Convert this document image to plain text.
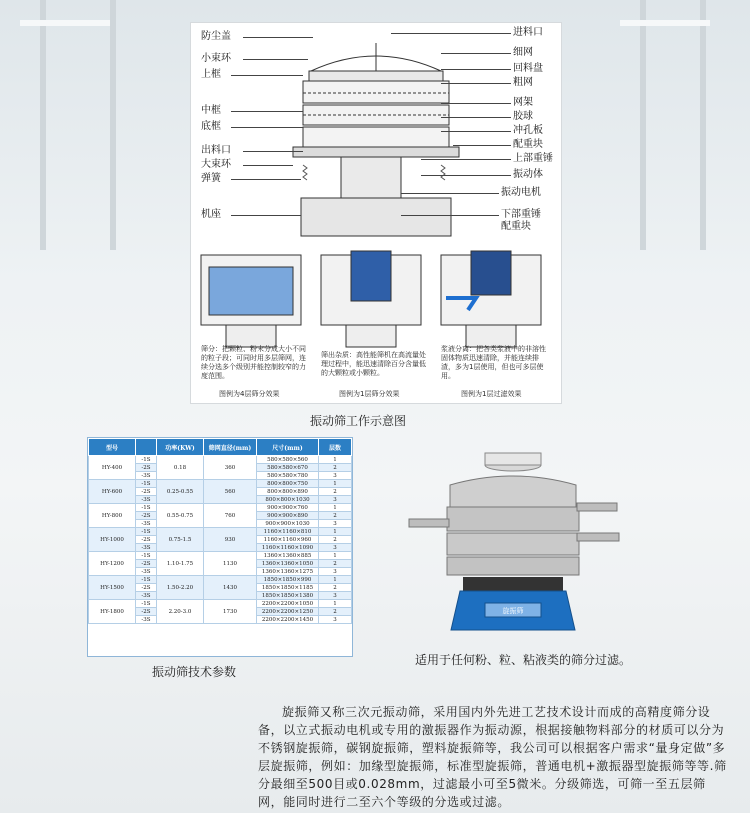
防尘盖
小束环
上框
中框
底框
出料口
大束环
弹簧
机座
进料口
细网
回料盘
粗网
网架
胶球
冲孔板
配重块
上部重锤
振动体
振动电机
下部重锤
配重块
筛分：把颗粒、粉末分成大小不同的粒子段；可同时用多层筛网，连续分选多个级别并能控制较窄的力度范围。
筛出杂质：高性能筛机在高流量处理过程中，能迅速清除百分含量低的大颗粒或小颗粒。
浆液分离：把各类浆液中的非溶性固体物质迅速清除，并能连续排渣，多为1层使用，但也可多层使用。
图例为4层筛分效果	图例为1层筛分效果	图例为1层过滤效果
振动筛工作示意图
型号		功率(KW)	筛网直径(mm)	尺寸(mm)	层数
HY-400	-1S	0.18	360	580×580×560	1
	-2S			580×580×670	2
	-3S			580×580×780	3
HY-600	-1S	0.25-0.55	560	800×800×750	1
	-2S			800×800×890	2
	-3S			800×800×1030	3
HY-800	-1S	0.55-0.75	760	900×900×760	1
	-2S			900×900×890	2
	-3S			900×900×1030	3
HY-1000	-1S	0.75-1.5	930	1160×1160×810	1
	-2S			1160×1160×960	2
	-3S			1160×1160×1090	3
HY-1200	-1S	1.10-1.75	1130	1360×1360×885	1
	-2S			1360×1360×1050	2
	-3S			1360×1360×1275	3
HY-1500	-1S	1.50-2.20	1430	1850×1850×990	1
	-2S			1850×1850×1185	2
	-3S			1850×1850×1380	3
HY-1800	-1S	2.20-3.0	1730	2200×2200×1050	1
	-2S			2200×2200×1250	2
	-3S			2200×2200×1450	3
振动筛技术参数
旋振筛
适用于任何粉、粒、粘液类的筛分过滤。
旋振筛又称三次元振动筛，采用国内外先进工艺技术设计而成的高精度筛分设备，以立式振动电机或专用的激振器作为振动源，根据接触物料部分的材质可以分为不锈钢旋振筛，碳钢旋振筛，塑料旋振筛等，我公司可以根据客户需求“量身定做”多层旋振筛，例如：加缘型旋振筛，标准型旋振筛，普通电机+激振器型旋振筛等等.筛分最细至500目或0.028mm，过滤最小可至5微米。分级筛选，可筛一至五层筛网，能同时进行二至六个等级的分选或过滤。
